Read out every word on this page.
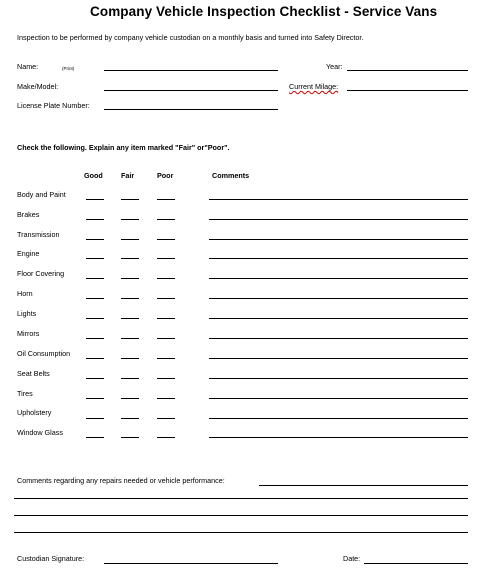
Company Vehicle Inspection Checklist - Service Vans
Inspection to be performed by company vehicle custodian on a monthly basis and turned into Safety Director.
Name:	(Print)	Year:
Make/Model:	Current Milage:
License Plate Number:
Check the following. Explain any item marked "Fair" or"Poor".
Good	Fair	Poor	Comments
Body and Paint
Brakes
Transmission
Engine
Floor Covering
Horn
Lights
Mirrors
Oil Consumption
Seat Belts
Tires
Upholstery
Window Glass
Comments regarding any repairs needed or vehicle performance:
Custodian Signature:	Date:
